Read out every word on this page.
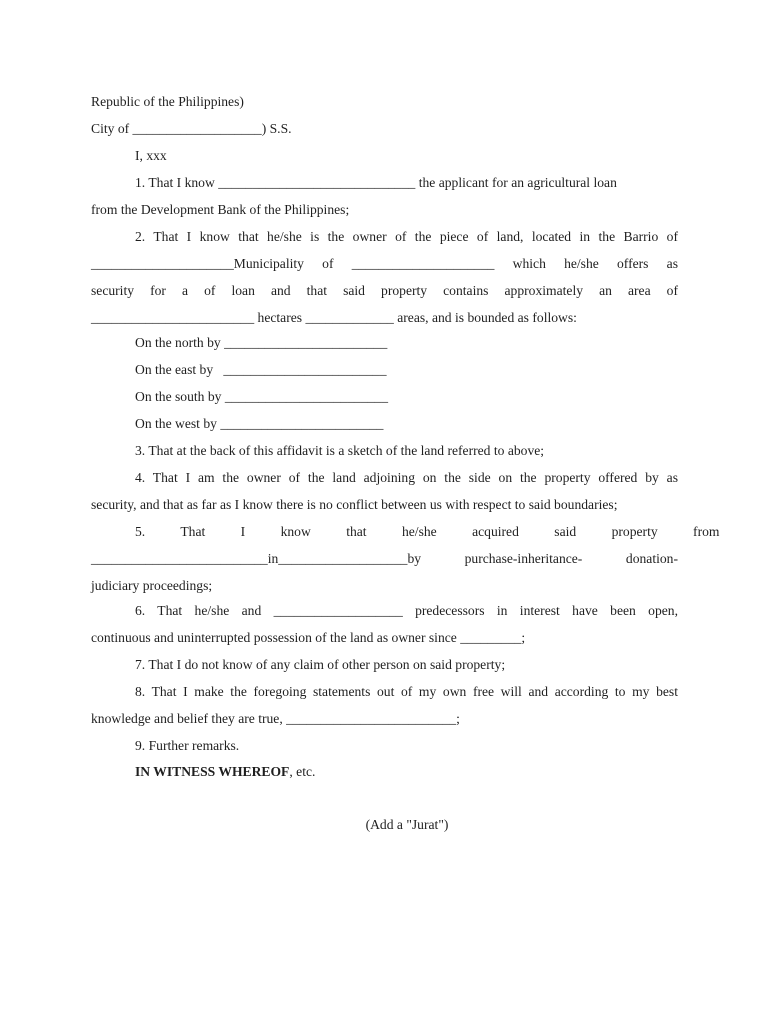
Republic of the Philippines)
City of ___________________) S.S.
I, xxx
1. That I know _____________________________ the applicant for an agricultural loan
from the Development Bank of the Philippines;
2. That I know that he/she is the owner of the piece of land, located in the Barrio of
_____________________Municipality of _____________________ which he/she offers as
security for a of loan and that said property contains approximately an area of
________________________ hectares _____________ areas, and is bounded as follows:
On the north by ________________________
On the east by ________________________
On the south by ________________________
On the west by ________________________
3. That at the back of this affidavit is a sketch of the land referred to above;
4. That I am the owner of the land adjoining on the side on the property offered by as
security, and that as far as I know there is no conflict between us with respect to said boundaries;
5. That I know that he/she acquired said property from
__________________________in___________________by purchase-inheritance- donation-
judiciary proceedings;
6. That he/she and ___________________ predecessors in interest have been open,
continuous and uninterrupted possession of the land as owner since _________;
7. That I do not know of any claim of other person on said property;
8. That I make the foregoing statements out of my own free will and according to my best
knowledge and belief they are true, _________________________;
9. Further remarks.
IN WITNESS WHEREOF, etc.
(Add a "Jurat")
